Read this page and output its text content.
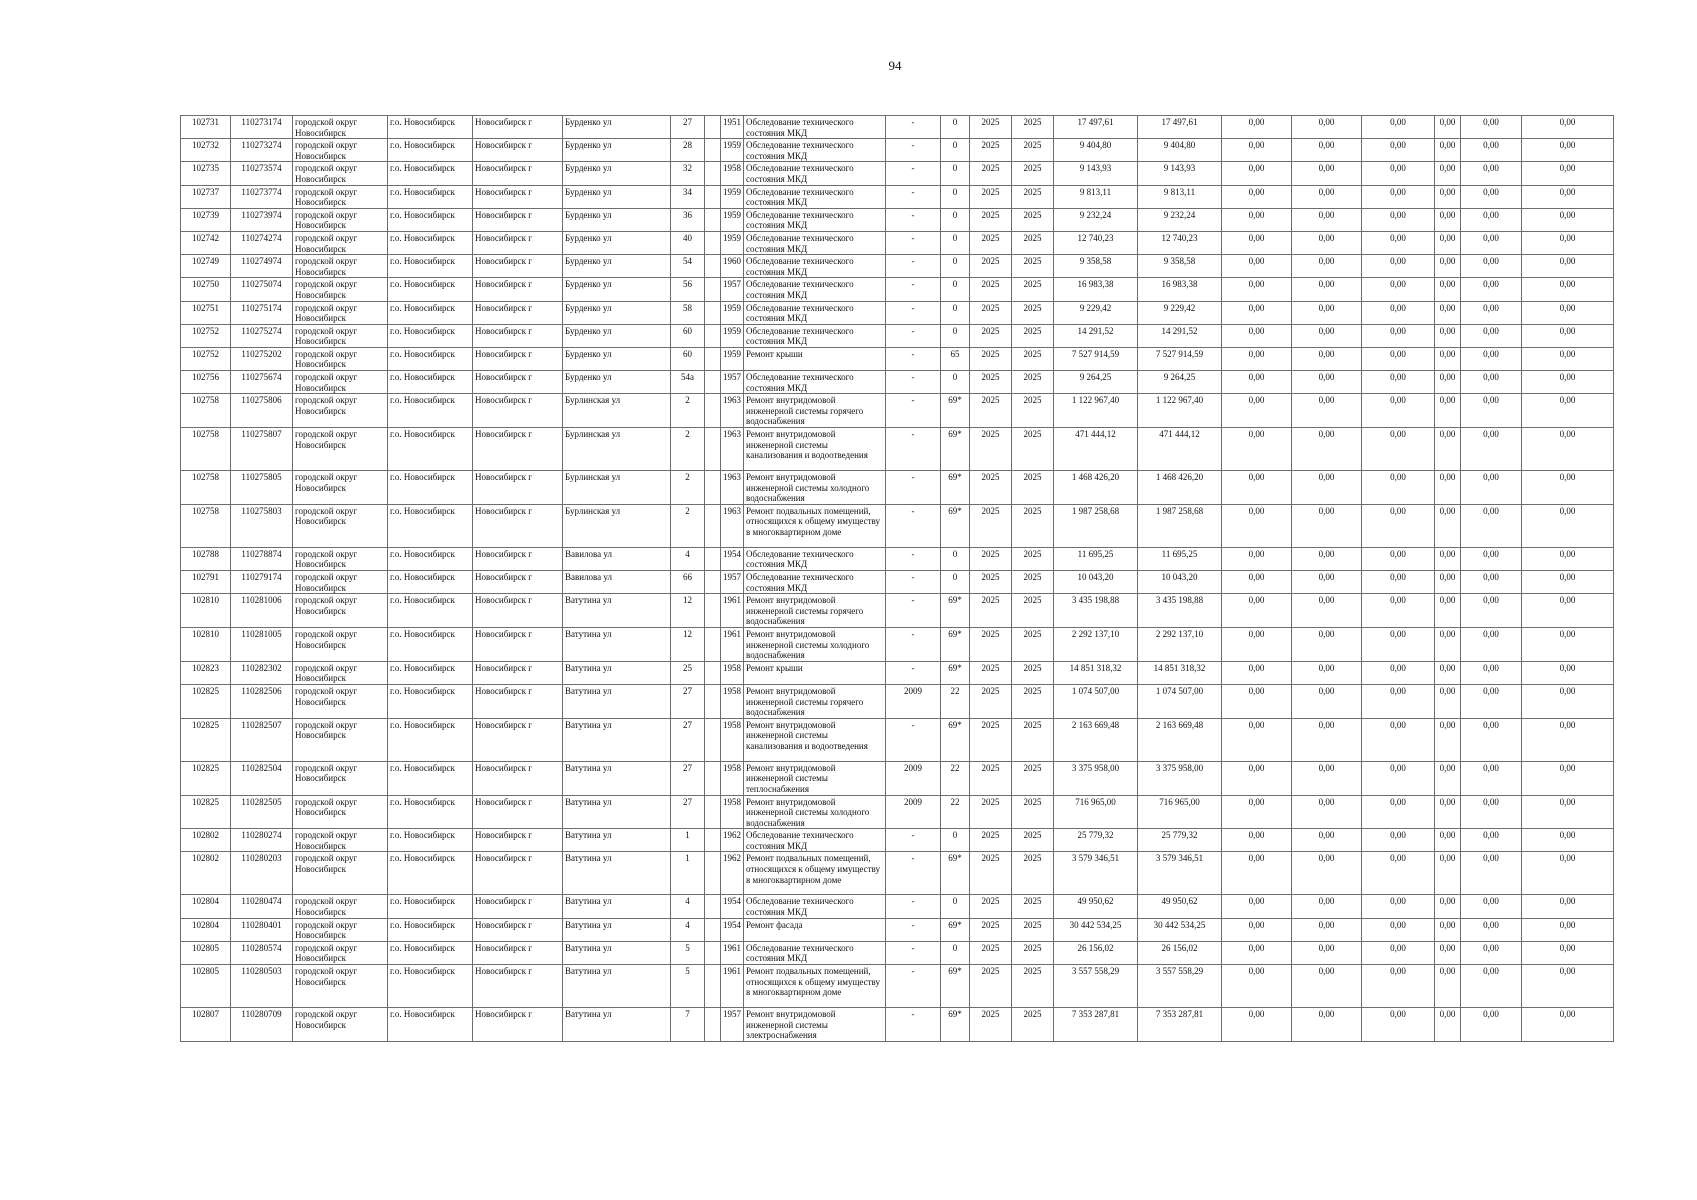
94
102731	110273174	городской округ Новосибирск	г.о. Новосибирск	Новосибирск г	Бурденко ул	27		1951	Обследование технического состояния МКД	-	0	2025	2025	17 497,61	17 497,61	0,00	0,00	0,00	0,00	0,00	0,00
102732	110273274	городской округ Новосибирск	г.о. Новосибирск	Новосибирск г	Бурденко ул	28		1959	Обследование технического состояния МКД	-	0	2025	2025	9 404,80	9 404,80	0,00	0,00	0,00	0,00	0,00	0,00
102735	110273574	городской округ Новосибирск	г.о. Новосибирск	Новосибирск г	Бурденко ул	32		1958	Обследование технического состояния МКД	-	0	2025	2025	9 143,93	9 143,93	0,00	0,00	0,00	0,00	0,00	0,00
102737	110273774	городской округ Новосибирск	г.о. Новосибирск	Новосибирск г	Бурденко ул	34		1959	Обследование технического состояния МКД	-	0	2025	2025	9 813,11	9 813,11	0,00	0,00	0,00	0,00	0,00	0,00
102739	110273974	городской округ Новосибирск	г.о. Новосибирск	Новосибирск г	Бурденко ул	36		1959	Обследование технического состояния МКД	-	0	2025	2025	9 232,24	9 232,24	0,00	0,00	0,00	0,00	0,00	0,00
102742	110274274	городской округ Новосибирск	г.о. Новосибирск	Новосибирск г	Бурденко ул	40		1959	Обследование технического состояния МКД	-	0	2025	2025	12 740,23	12 740,23	0,00	0,00	0,00	0,00	0,00	0,00
102749	110274974	городской округ Новосибирск	г.о. Новосибирск	Новосибирск г	Бурденко ул	54		1960	Обследование технического состояния МКД	-	0	2025	2025	9 358,58	9 358,58	0,00	0,00	0,00	0,00	0,00	0,00
102750	110275074	городской округ Новосибирск	г.о. Новосибирск	Новосибирск г	Бурденко ул	56		1957	Обследование технического состояния МКД	-	0	2025	2025	16 983,38	16 983,38	0,00	0,00	0,00	0,00	0,00	0,00
102751	110275174	городской округ Новосибирск	г.о. Новосибирск	Новосибирск г	Бурденко ул	58		1959	Обследование технического состояния МКД	-	0	2025	2025	9 229,42	9 229,42	0,00	0,00	0,00	0,00	0,00	0,00
102752	110275274	городской округ Новосибирск	г.о. Новосибирск	Новосибирск г	Бурденко ул	60		1959	Обследование технического состояния МКД	-	0	2025	2025	14 291,52	14 291,52	0,00	0,00	0,00	0,00	0,00	0,00
102752	110275202	городской округ Новосибирск	г.о. Новосибирск	Новосибирск г	Бурденко ул	60		1959	Ремонт крыши	-	65	2025	2025	7 527 914,59	7 527 914,59	0,00	0,00	0,00	0,00	0,00	0,00
102756	110275674	городской округ Новосибирск	г.о. Новосибирск	Новосибирск г	Бурденко ул	54а		1957	Обследование технического состояния МКД	-	0	2025	2025	9 264,25	9 264,25	0,00	0,00	0,00	0,00	0,00	0,00
102758	110275806	городской округ Новосибирск	г.о. Новосибирск	Новосибирск г	Бурлинская ул	2		1963	Ремонт внутридомовой инженерной системы горячего водоснабжения	-	69*	2025	2025	1 122 967,40	1 122 967,40	0,00	0,00	0,00	0,00	0,00	0,00
102758	110275807	городской округ Новосибирск	г.о. Новосибирск	Новосибирск г	Бурлинская ул	2		1963	Ремонт внутридомовой инженерной системы канализования и водоотведения	-	69*	2025	2025	471 444,12	471 444,12	0,00	0,00	0,00	0,00	0,00	0,00
102758	110275805	городской округ Новосибирск	г.о. Новосибирск	Новосибирск г	Бурлинская ул	2		1963	Ремонт внутридомовой инженерной системы холодного водоснабжения	-	69*	2025	2025	1 468 426,20	1 468 426,20	0,00	0,00	0,00	0,00	0,00	0,00
102758	110275803	городской округ Новосибирск	г.о. Новосибирск	Новосибирск г	Бурлинская ул	2		1963	Ремонт подвальных помещений, относящихся к общему имуществу в многоквартирном доме	-	69*	2025	2025	1 987 258,68	1 987 258,68	0,00	0,00	0,00	0,00	0,00	0,00
102788	110278874	городской округ Новосибирск	г.о. Новосибирск	Новосибирск г	Вавилова ул	4		1954	Обследование технического состояния МКД	-	0	2025	2025	11 695,25	11 695,25	0,00	0,00	0,00	0,00	0,00	0,00
102791	110279174	городской округ Новосибирск	г.о. Новосибирск	Новосибирск г	Вавилова ул	66		1957	Обследование технического состояния МКД	-	0	2025	2025	10 043,20	10 043,20	0,00	0,00	0,00	0,00	0,00	0,00
102810	110281006	городской округ Новосибирск	г.о. Новосибирск	Новосибирск г	Ватутина ул	12		1961	Ремонт внутридомовой инженерной системы горячего водоснабжения	-	69*	2025	2025	3 435 198,88	3 435 198,88	0,00	0,00	0,00	0,00	0,00	0,00
102810	110281005	городской округ Новосибирск	г.о. Новосибирск	Новосибирск г	Ватутина ул	12		1961	Ремонт внутридомовой инженерной системы холодного водоснабжения	-	69*	2025	2025	2 292 137,10	2 292 137,10	0,00	0,00	0,00	0,00	0,00	0,00
102823	110282302	городской округ Новосибирск	г.о. Новосибирск	Новосибирск г	Ватутина ул	25		1958	Ремонт крыши	-	69*	2025	2025	14 851 318,32	14 851 318,32	0,00	0,00	0,00	0,00	0,00	0,00
102825	110282506	городской округ Новосибирск	г.о. Новосибирск	Новосибирск г	Ватутина ул	27		1958	Ремонт внутридомовой инженерной системы горячего водоснабжения	2009	22	2025	2025	1 074 507,00	1 074 507,00	0,00	0,00	0,00	0,00	0,00	0,00
102825	110282507	городской округ Новосибирск	г.о. Новосибирск	Новосибирск г	Ватутина ул	27		1958	Ремонт внутридомовой инженерной системы канализования и водоотведения	-	69*	2025	2025	2 163 669,48	2 163 669,48	0,00	0,00	0,00	0,00	0,00	0,00
102825	110282504	городской округ Новосибирск	г.о. Новосибирск	Новосибирск г	Ватутина ул	27		1958	Ремонт внутридомовой инженерной системы теплоснабжения	2009	22	2025	2025	3 375 958,00	3 375 958,00	0,00	0,00	0,00	0,00	0,00	0,00
102825	110282505	городской округ Новосибирск	г.о. Новосибирск	Новосибирск г	Ватутина ул	27		1958	Ремонт внутридомовой инженерной системы холодного водоснабжения	2009	22	2025	2025	716 965,00	716 965,00	0,00	0,00	0,00	0,00	0,00	0,00
102802	110280274	городской округ Новосибирск	г.о. Новосибирск	Новосибирск г	Ватутина ул	1		1962	Обследование технического состояния МКД	-	0	2025	2025	25 779,32	25 779,32	0,00	0,00	0,00	0,00	0,00	0,00
102802	110280203	городской округ Новосибирск	г.о. Новосибирск	Новосибирск г	Ватутина ул	1		1962	Ремонт подвальных помещений, относящихся к общему имуществу в многоквартирном доме	-	69*	2025	2025	3 579 346,51	3 579 346,51	0,00	0,00	0,00	0,00	0,00	0,00
102804	110280474	городской округ Новосибирск	г.о. Новосибирск	Новосибирск г	Ватутина ул	4		1954	Обследование технического состояния МКД	-	0	2025	2025	49 950,62	49 950,62	0,00	0,00	0,00	0,00	0,00	0,00
102804	110280401	городской округ Новосибирск	г.о. Новосибирск	Новосибирск г	Ватутина ул	4		1954	Ремонт фасада	-	69*	2025	2025	30 442 534,25	30 442 534,25	0,00	0,00	0,00	0,00	0,00	0,00
102805	110280574	городской округ Новосибирск	г.о. Новосибирск	Новосибирск г	Ватутина ул	5		1961	Обследование технического состояния МКД	-	0	2025	2025	26 156,02	26 156,02	0,00	0,00	0,00	0,00	0,00	0,00
102805	110280503	городской округ Новосибирск	г.о. Новосибирск	Новосибирск г	Ватутина ул	5		1961	Ремонт подвальных помещений, относящихся к общему имуществу в многоквартирном доме	-	69*	2025	2025	3 557 558,29	3 557 558,29	0,00	0,00	0,00	0,00	0,00	0,00
102807	110280709	городской округ Новосибирск	г.о. Новосибирск	Новосибирск г	Ватутина ул	7		1957	Ремонт внутридомовой инженерной системы электроснабжения	-	69*	2025	2025	7 353 287,81	7 353 287,81	0,00	0,00	0,00	0,00	0,00	0,00
